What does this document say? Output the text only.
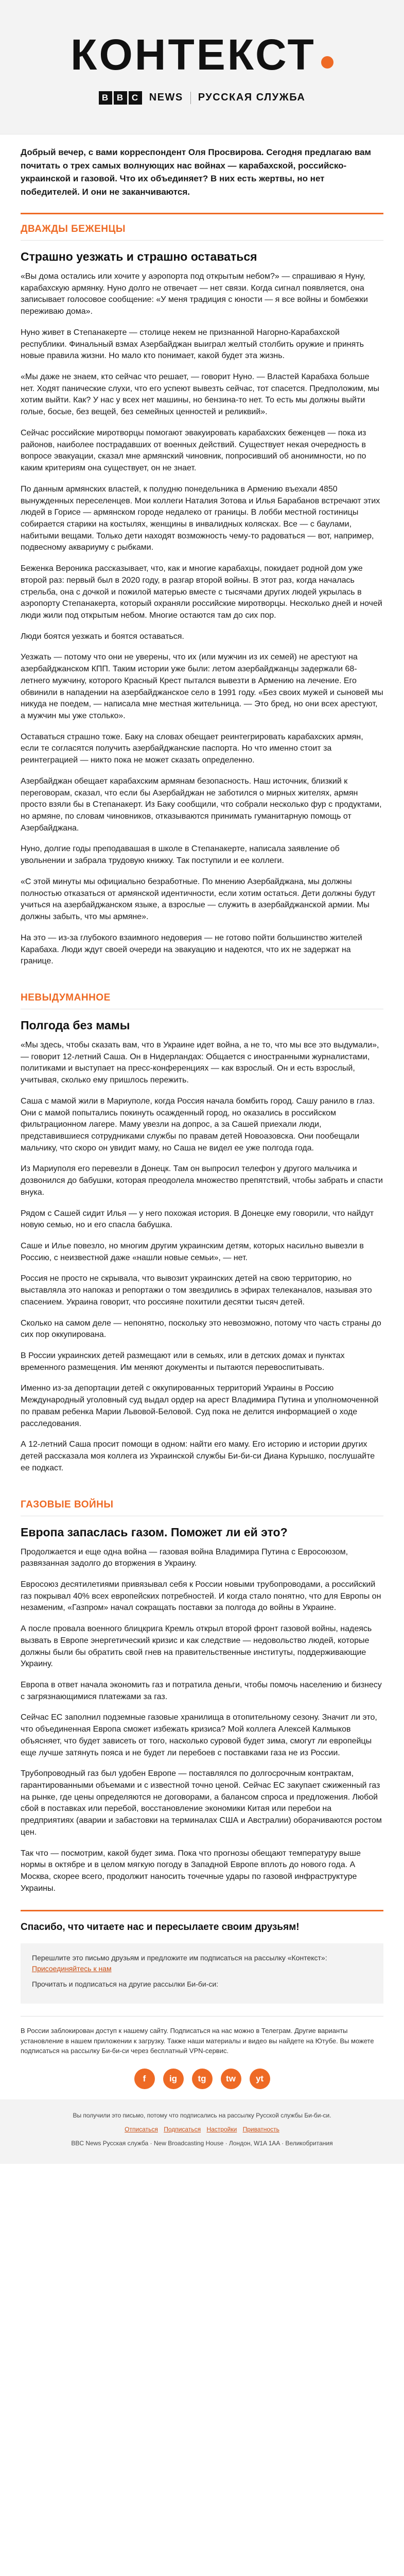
КОНТЕКСТ
B B C	NEWS РУССКАЯ СЛУЖБА
Добрый вечер, с вами корреспондент Оля Просвирова. Сегодня предлагаю вам почитать о трех самых волнующих нас войнах — карабахской, российско-украинской и газовой. Что их объединяет? В них есть жертвы, но нет победителей. И они не заканчиваются.
ДВАЖДЫ БЕЖЕНЦЫ
Страшно уезжать и страшно оставаться

«Вы дома остались или хочите у аэропорта под открытым небом?» — спрашиваю я Нуну, карабахскую армянку. Нуно долго не отвечает — нет связи. Когда сигнал появляется, она записывает голосовое сообщение: «У меня традиция с юности — я все войны и бомбежки переживаю дома».

Нуно живет в Степанакерте — столице некем не признанной Нагорно-Карабахской республики. Финальный взмах Азербайджан выиграл желтый столбить оружие и принять новые правила жизни. Но мало кто понимает, какой будет эта жизнь.

«Мы даже не знаем, кто сейчас что решает, — говорит Нуно. — Властей Карабаха больше нет. Ходят панические слухи, что его успеют вывезть сейчас, тот спасется. Предположим, мы хотим выйти. Как? У нас у всех нет машины, но бензина-то нет. То есть мы должны выйти голые, босые, без вещей, без семейных ценностей и реликвий».

Сейчас российские миротворцы помогают эвакуировать карабахских беженцев — пока из районов, наиболее пострадавших от военных действий. Существует некая очередность в вопросе эвакуации, сказал мне армянский чиновник, попросивший об анонимности, но по каким критериям она существует, он не знает.

По данным армянских властей, к полудню понедельника в Армению въехали 4850 вынужденных переселенцев. Мои коллеги Наталия Зотова и Илья Барабанов встречают этих людей в Горисе — армянском городе недалеко от границы. В лобби местной гостиницы собирается старики на костылях, женщины в инвалидных колясках. Все — с баулами, набитыми вещами. Только дети находят возможность чему-то радоваться — вот, например, подвесному аквариуму с рыбками.

Беженка Вероника рассказывает, что, как и многие карабахцы, покидает родной дом уже второй раз: первый был в 2020 году, в разгар второй войны. В этот раз, когда началась стрельба, она с дочкой и пожилой матерью вместе с тысячами других людей укрылась в аэропорту Степанакерта, который охраняли российские миротворцы. Несколько дней и ночей люди жили под открытым небом. Многие остаются там до сих пор.

Люди боятся уезжать и боятся оставаться.

Уезжать — потому что они не уверены, что их (или мужчин из их семей) не арестуют на азербайджанском КПП. Таким истории уже были: летом азербайджанцы задержали 68-летнего мужчину, которого Красный Крест пытался вывезти в Армению на лечение. Его обвинили в нападении на азербайджанское село в 1991 году. «Без своих мужей и сыновей мы никуда не поедем, — написала мне местная жительница. — Это бред, но они всех арестуют, а мужчин мы уже столько».

Оставаться страшно тоже. Баку на словах обещает реинтегрировать карабахских армян, если те согласятся получить азербайджанские паспорта. Но что именно стоит за реинтеграцией — никто пока не может сказать определенно.

Азербайджан обещает карабахским армянам безопасность. Наш источник, близкий к переговорам, сказал, что если бы Азербайджан не заботился о мирных жителях, армян просто взяли бы в Степанакерт. Из Баку сообщили, что собрали несколько фур с продуктами, но армяне, по словам чиновников, отказываются принимать гуманитарную помощь от Азербайджана.

Нуно, долгие годы преподавашая в школе в Степанакерте, написала заявление об увольнении и забрала трудовую книжку. Так поступили и ее коллеги.

«С этой минуты мы официально безработные. По мнению Азербайджана, мы должны полностью отказаться от армянской идентичности, если хотим остаться. Дети должны будут учиться на азербайджанском языке, а взрослые — служить в азербайджанской армии. Мы должны забыть, что мы армяне».

На это — из-за глубокого взаимного недоверия — не готово пойти большинство жителей Карабаха. Люди ждут своей очереди на эвакуацию и надеются, что их не задержат на границе.

НЕВЫДУМАННОЕ
Полгода без мамы

«Мы здесь, чтобы сказать вам, что в Украине идет война, а не то, что мы все это выдумали», — говорит 12-летний Саша. Он в Нидерландах: Общается с иностранными журналистами, политиками и выступает на пресс-конференциях — как взрослый. Он и есть взрослый, учитывая, сколько ему пришлось пережить.

Саша с мамой жили в Мариуполе, когда Россия начала бомбить город. Сашу ранило в глаз. Они с мамой попытались покинуть осажденный город, но оказались в российском фильтрационном лагере. Маму увезли на допрос, а за Сашей приехали люди, представившиеся сотрудниками службы по правам детей Новоазовска. Они пообещали мальчику, что скоро он увидит маму, но Саша не видел ее уже полгода года.

Из Мариуполя его перевезли в Донецк. Там он выпросил телефон у другого мальчика и дозвонился до бабушки, которая преодолела множество препятствий, чтобы забрать и спасти внука.

Рядом с Сашей сидит Илья — у него похожая история. В Донецке ему говорили, что найдут новую семью, но и его спасла бабушка.

Саше и Илье повезло, но многим другим украинским детям, которых насильно вывезли в Россию, с неизвестной даже «нашли новые семьи», — нет.

Россия не просто не скрывала, что вывозит украинских детей на свою территорию, но выставляла это напоказ и репортажи о том звездились в эфирах телеканалов, называя это спасением. Украина говорит, что россияне похитили десятки тысяч детей.

Сколько на самом деле — непонятно, поскольку это невозможно, потому что часть страны до сих пор оккупирована.

В России украинских детей размещают или в семьях, или в детских домах и пунктах временного размещения. Им меняют документы и пытаются перевоспитывать.

Именно из-за депортации детей с оккупированных территорий Украины в Россию Международный уголовный суд выдал ордер на арест Владимира Путина и уполномоченной по правам ребенка Марии Львовой-Беловой. Суд пока не делится информацией о ходе расследования.

А 12-летний Саша просит помощи в одном: найти его маму. Его историю и истории других детей рассказала моя коллега из Украинской службы Би-би-си Диана Курышко, послушайте ее подкаст.

ГАЗОВЫЕ ВОЙНЫ
Европа запаслась газом. Поможет ли ей это?

Продолжается и еще одна война — газовая война Владимира Путина с Евросоюзом, развязанная задолго до вторжения в Украину.

Евросоюз десятилетиями привязывал себя к России новыми трубопроводами, а российский газ покрывал 40% всех европейских потребностей. И когда стало понятно, что для Европы он незаменим, «Газпром» начал сокращать поставки за полгода до войны в Украине.

А после провала военного блицкрига Кремль открыл второй фронт газовой войны, надеясь вызвать в Европе энергетический кризис и как следствие — недовольство людей, которые должны были бы обратить свой гнев на правительственные институты, поддерживающие Украину.

Европа в ответ начала экономить газ и потратила деньги, чтобы помочь населению и бизнесу с загрязнающимися платежами за газ.

Сейчас ЕС заполнил подземные газовые хранилища в отопительному сезону. Значит ли это, что объединенная Европа сможет избежать кризиса? Мой коллега Алексей Калмыков объясняет, что будет зависеть от того, насколько суровой будет зима, смогут ли европейцы еще лучше затянуть пояса и не будет ли перебоев с поставками газа не из России.

Трубопроводный газ был удобен Европе — поставлялся по долгосрочным контрактам, гарантированными объемами и с известной точно ценой. Сейчас ЕС закупает сжиженный газ на рынке, где цены определяются не договорами, а балансом спроса и предложения. Любой сбой в поставках или перебой, восстановление экономики Китая или перебои на предприятиях (аварии и забастовки на терминалах США и Австралии) оборачиваются ростом цен.

Так что — посмотрим, какой будет зима. Пока что прогнозы обещают температуру выше нормы в октябре и в целом мягкую погоду в Западной Европе вплоть до нового года. А Москва, скорее всего, продолжит наносить точечные удары по газовой инфраструктуре Украины.

Спасибо, что читаете нас и пересылаете своим друзьям!

Перешлите это письмо друзьям и предложите им подписаться на рассылку «Контекст»:
Присоединяйтесь к нам

Прочитать и подписаться на другие рассылки Би-би-си:

В России заблокирован доступ к нашему сайту. Подписаться на нас можно в Телеграм. Другие варианты установление в нашем приложении к загрузку. Также наши материалы и видео вы найдете на Ютубе. Вы можете подписаться на рассылку Би-би-си через бесплатный VPN-сервис.
f	ig	tg	tw	yt
Вы получили это письмо, потому что подписались на рассылку Русской службы Би-би-си.
Отписаться Подписаться Настройки Приватность
BBC News Русская служба · New Broadcasting House · Лондон, W1A 1AA · Великобритания
